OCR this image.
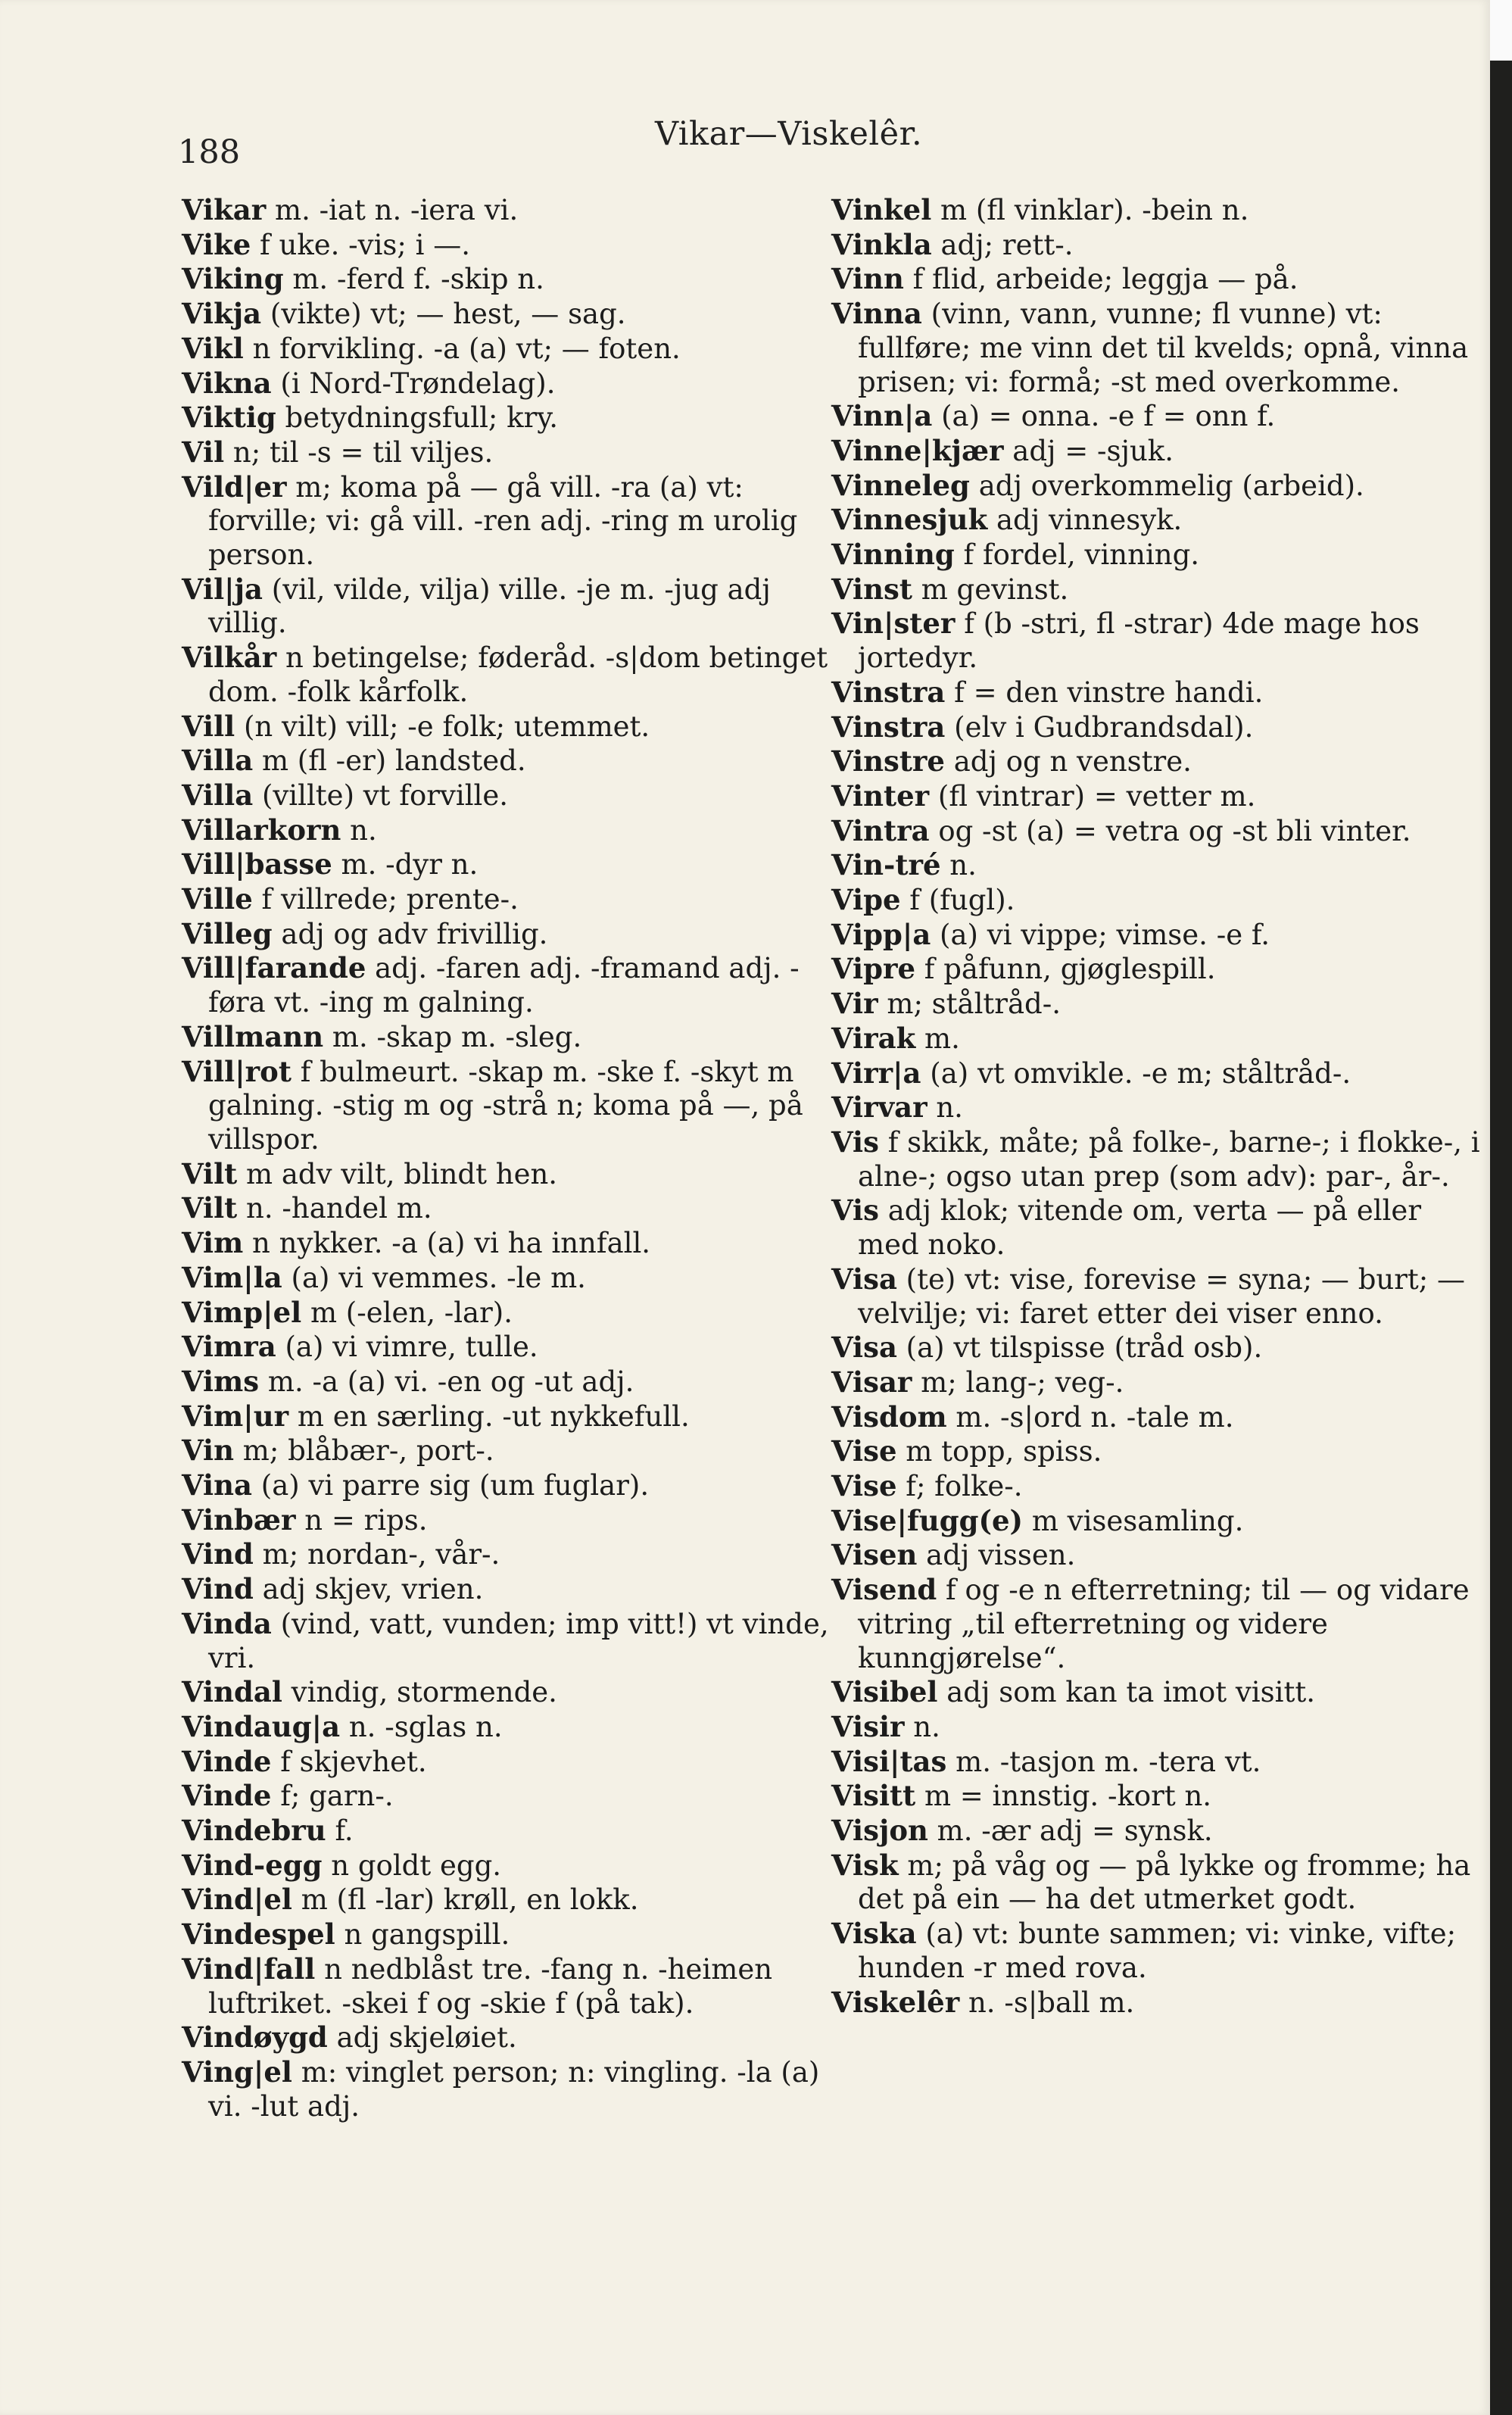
188	Vikar—Viskelêr.

Vikar m. -iat n. -iera vi.

Vike f uke. -vis; i —.

Viking m. -ferd f. -skip n.

Vikja (vikte) vt; — hest, — sag.

Vikl n forvikling. -a (a) vt; — foten.

Vikna (i Nord-Trøndelag).

Viktig betydningsfull; kry.

Vil n; til -s = til viljes.

Vild|er m; koma på — gå vill. -ra (a) vt: forville; vi: gå vill. -ren adj. -ring m urolig person.

Vil|ja (vil, vilde, vilja) ville. -je m. -jug adj villig.

Vilkår n betingelse; føderåd. -s|dom betinget dom. -folk kårfolk.

Vill (n vilt) vill; -e folk; utemmet.

Villa m (fl -er) landsted.

Villa (villte) vt forville.

Villarkorn n.

Vill|basse m. -dyr n.

Ville f villrede; prente-.

Villeg adj og adv frivillig.

Vill|farande adj. -faren adj. -framand adj. -føra vt. -ing m galning.

Villmann m. -skap m. -sleg.

Vill|rot f bulmeurt. -skap m. -ske f. -skyt m galning. -stig m og -strå n; koma på —, på villspor.

Vilt m adv vilt, blindt hen.

Vilt n. -handel m.

Vim n nykker. -a (a) vi ha innfall.

Vim|la (a) vi vemmes. -le m.

Vimp|el m (-elen, -lar).

Vimra (a) vi vimre, tulle.

Vims m. -a (a) vi. -en og -ut adj.

Vim|ur m en særling. -ut nykkefull.

Vin m; blåbær-, port-.

Vina (a) vi parre sig (um fuglar).

Vinbær n = rips.

Vind m; nordan-, vår-.

Vind adj skjev, vrien.

Vinda (vind, vatt, vunden; imp vitt!) vt vinde, vri.

Vindal vindig, stormende.

Vindaug|a n. -sglas n.

Vinde f skjevhet.

Vinde f; garn-.

Vindebru f.

Vind-egg n goldt egg.

Vind|el m (fl -lar) krøll, en lokk.

Vindespel n gangspill.

Vind|fall n nedblåst tre. -fang n. -heimen luftriket. -skei f og -skie f (på tak).

Vindøygd adj skjeløiet.

Ving|el m: vinglet person; n: vingling. -la (a) vi. -lut adj.

Vinkel m (fl vinklar). -bein n.

Vinkla adj; rett-.

Vinn f flid, arbeide; leggja — på.

Vinna (vinn, vann, vunne; fl vunne) vt: fullføre; me vinn det til kvelds; opnå, vinna prisen; vi: formå; -st med overkomme.

Vinn|a (a) = onna. -e f = onn f.

Vinne|kjær adj = -sjuk.

Vinneleg adj overkommelig (arbeid).

Vinnesjuk adj vinnesyk.

Vinning f fordel, vinning.

Vinst m gevinst.

Vin|ster f (b -stri, fl -strar) 4de mage hos jortedyr.

Vinstra f = den vinstre handi.

Vinstra (elv i Gudbrandsdal).

Vinstre adj og n venstre.

Vinter (fl vintrar) = vetter m.

Vintra og -st (a) = vetra og -st bli vinter.

Vin-tré n.

Vipe f (fugl).

Vipp|a (a) vi vippe; vimse. -e f.

Vipre f påfunn, gjøglespill.

Vir m; ståltråd-.

Virak m.

Virr|a (a) vt omvikle. -e m; ståltråd-.

Virvar n.

Vis f skikk, måte; på folke-, barne-; i flokke-, i alne-; ogso utan prep (som adv): par-, år-.

Vis adj klok; vitende om, verta — på eller med noko.

Visa (te) vt: vise, forevise = syna; — burt; — velvilje; vi: faret etter dei viser enno.

Visa (a) vt tilspisse (tråd osb).

Visar m; lang-; veg-.

Visdom m. -s|ord n. -tale m.

Vise m topp, spiss.

Vise f; folke-.

Vise|fugg(e) m visesamling.

Visen adj vissen.

Visend f og -e n efterretning; til — og vidare vitring „til efterretning og videre kunngjørelse“.

Visibel adj som kan ta imot visitt.

Visir n.

Visi|tas m. -tasjon m. -tera vt.

Visitt m = innstig. -kort n.

Visjon m. -ær adj = synsk.

Visk m; på våg og — på lykke og fromme; ha det på ein — ha det utmerket godt.

Viska (a) vt: bunte sammen; vi: vinke, vifte; hunden -r med rova.

Viskelêr n. -s|ball m.
